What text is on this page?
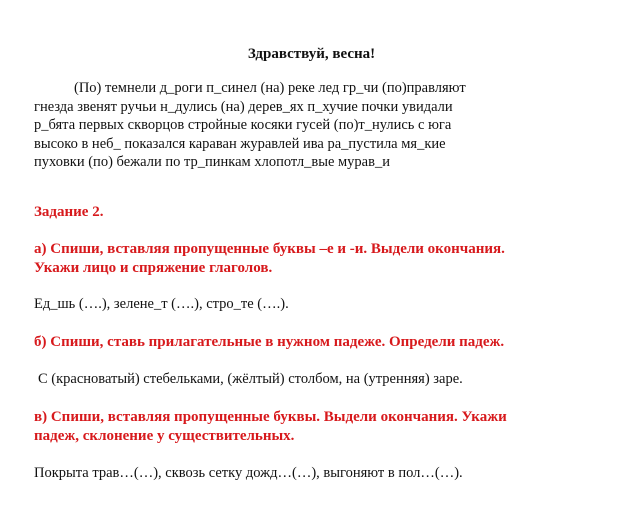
Здравствуй, весна!
(По) темнели д_роги п_синел (на) реке лед гр_чи (по)правляют
гнезда звенят ручьи н_дулись (на) дерев_ях п_хучие почки увидали
р_бята первых скворцов стройные косяки гусей (по)т_нулись с юга
высоко в неб_ показался караван журавлей ива ра_пустила мя_кие
пуховки (по) бежали по тр_пинкам хлопотл_вые мурав_и
Задание 2.
а) Спиши, вставляя пропущенные буквы –е и -и. Выдели окончания.
Укажи лицо и спряжение глаголов.
Ед_шь (….), зелене_т (….), стро_те (….).
б) Спиши, ставь прилагательные в нужном падеже. Определи падеж.
С (красноватый) стебельками, (жёлтый) столбом, на (утренняя) заре.
в) Спиши, вставляя пропущенные буквы. Выдели окончания. Укажи
падеж, склонение у существительных.
Покрыта трав…(…), сквозь сетку дожд…(…), выгоняют в пол…(…).
